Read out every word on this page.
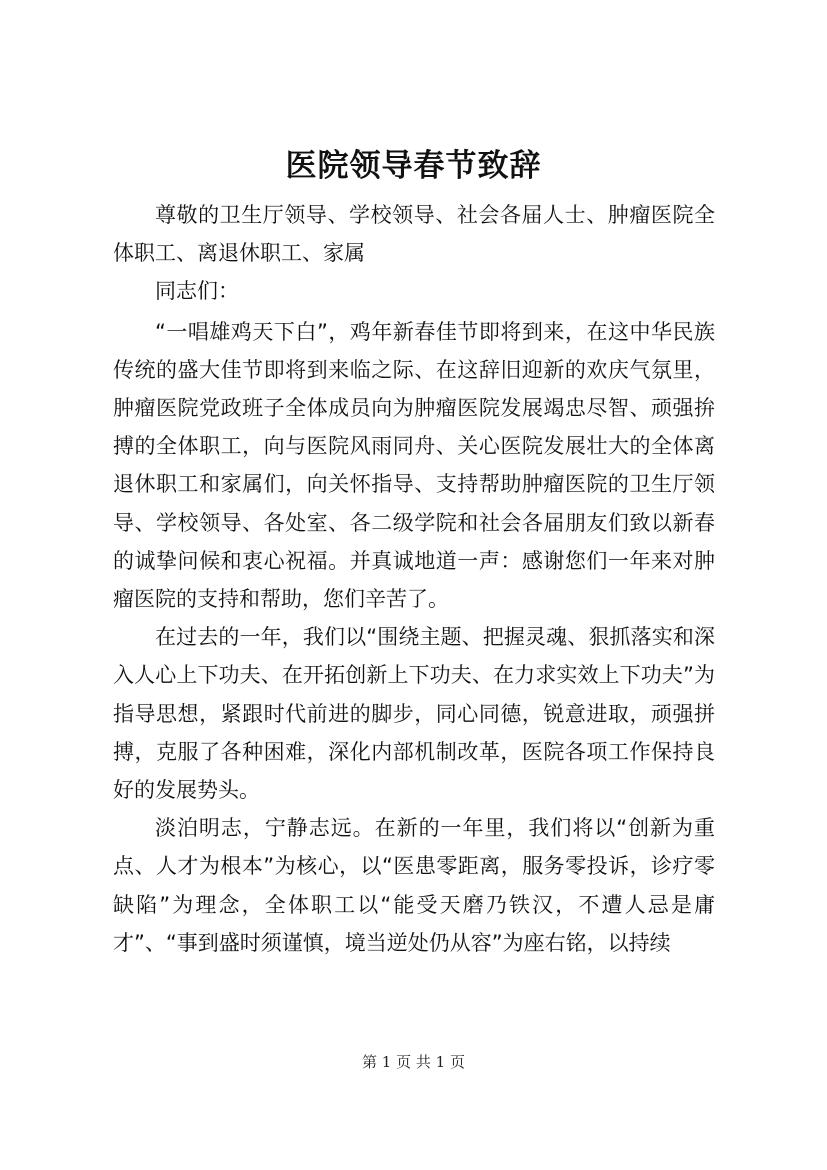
医院领导春节致辞

尊敬的卫生厅领导、学校领导、社会各届人士、肿瘤医院全体职工、离退休职工、家属

同志们：

“一唱雄鸡天下白”，鸡年新春佳节即将到来，在这中华民族传统的盛大佳节即将到来临之际、在这辞旧迎新的欢庆气氛里，肿瘤医院党政班子全体成员向为肿瘤医院发展竭忠尽智、顽强拚搏的全体职工，向与医院风雨同舟、关心医院发展壮大的全体离退休职工和家属们，向关怀指导、支持帮助肿瘤医院的卫生厅领导、学校领导、各处室、各二级学院和社会各届朋友们致以新春的诚挚问候和衷心祝福。并真诚地道一声：感谢您们一年来对肿瘤医院的支持和帮助，您们辛苦了。

在过去的一年，我们以“围绕主题、把握灵魂、狠抓落实和深入人心上下功夫、在开拓创新上下功夫、在力求实效上下功夫”为指导思想，紧跟时代前进的脚步，同心同德，锐意进取，顽强拼搏，克服了各种困难，深化内部机制改革，医院各项工作保持良好的发展势头。

淡泊明志，宁静志远。在新的一年里，我们将以“创新为重点、人才为根本”为核心，以“医患零距离，服务零投诉，诊疗零缺陷”为理念，全体职工以“能受天磨乃铁汉，不遭人忌是庸才”、“事到盛时须谨慎，境当逆处仍从容”为座右铭，以持续

第 1 页 共 1 页
